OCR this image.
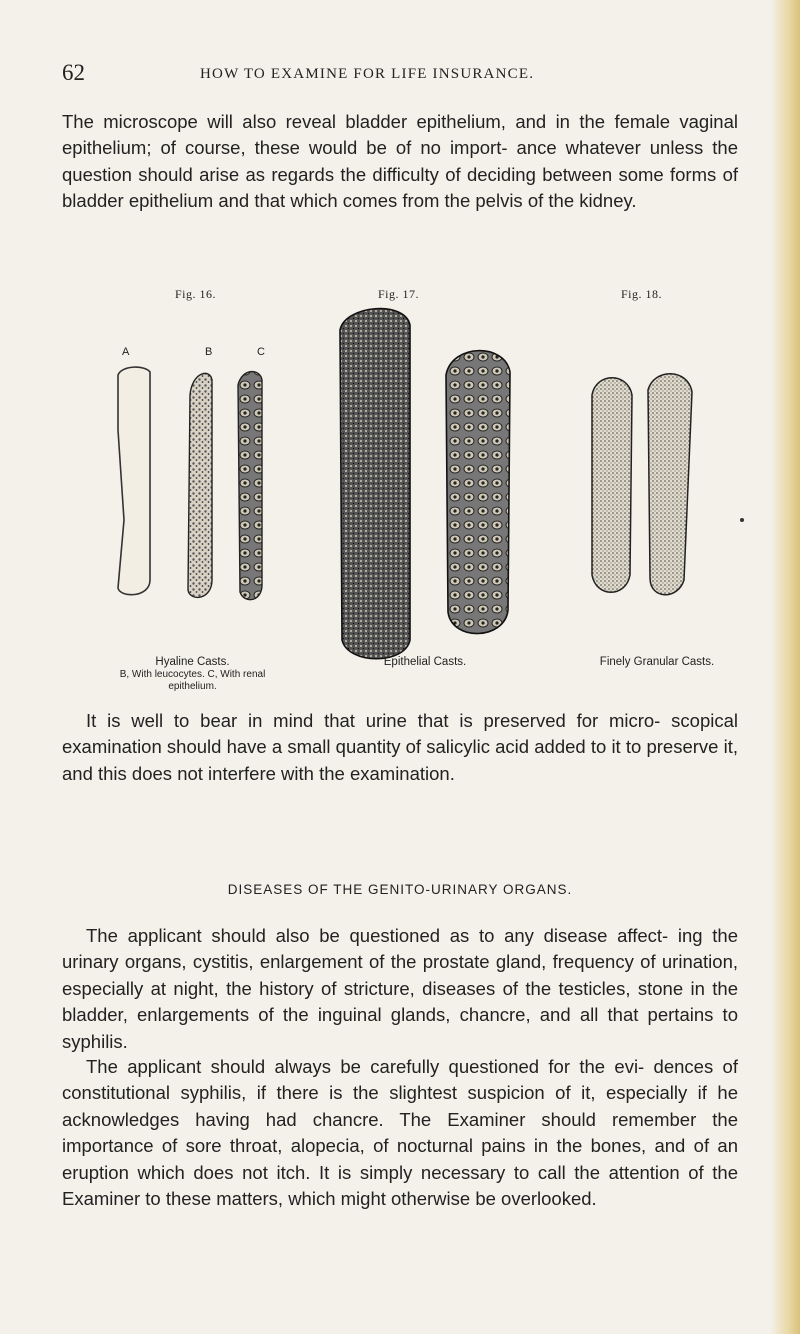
62	HOW TO EXAMINE FOR LIFE INSURANCE.

The microscope will also reveal bladder epithelium, and in the female vaginal epithelium; of course, these would be of no import- ance whatever unless the question should arise as regards the difficulty of deciding between some forms of bladder epithelium and that which comes from the pelvis of the kidney.

Fig. 16.	Fig. 17.	Fig. 18.
A	B	C
Hyaline Casts.
B, With leucocytes. C, With renal epithelium.
Epithelial Casts.	Finely Granular Casts.

It is well to bear in mind that urine that is preserved for micro- scopical examination should have a small quantity of salicylic acid added to it to preserve it, and this does not interfere with the examination.

DISEASES OF THE GENITO-URINARY ORGANS.

The applicant should also be questioned as to any disease affect- ing the urinary organs, cystitis, enlargement of the prostate gland, frequency of urination, especially at night, the history of stricture, diseases of the testicles, stone in the bladder, enlargements of the inguinal glands, chancre, and all that pertains to syphilis.

The applicant should always be carefully questioned for the evi- dences of constitutional syphilis, if there is the slightest suspicion of it, especially if he acknowledges having had chancre. The Examiner should remember the importance of sore throat, alopecia, of nocturnal pains in the bones, and of an eruption which does not itch. It is simply necessary to call the attention of the Examiner to these matters, which might otherwise be overlooked.
